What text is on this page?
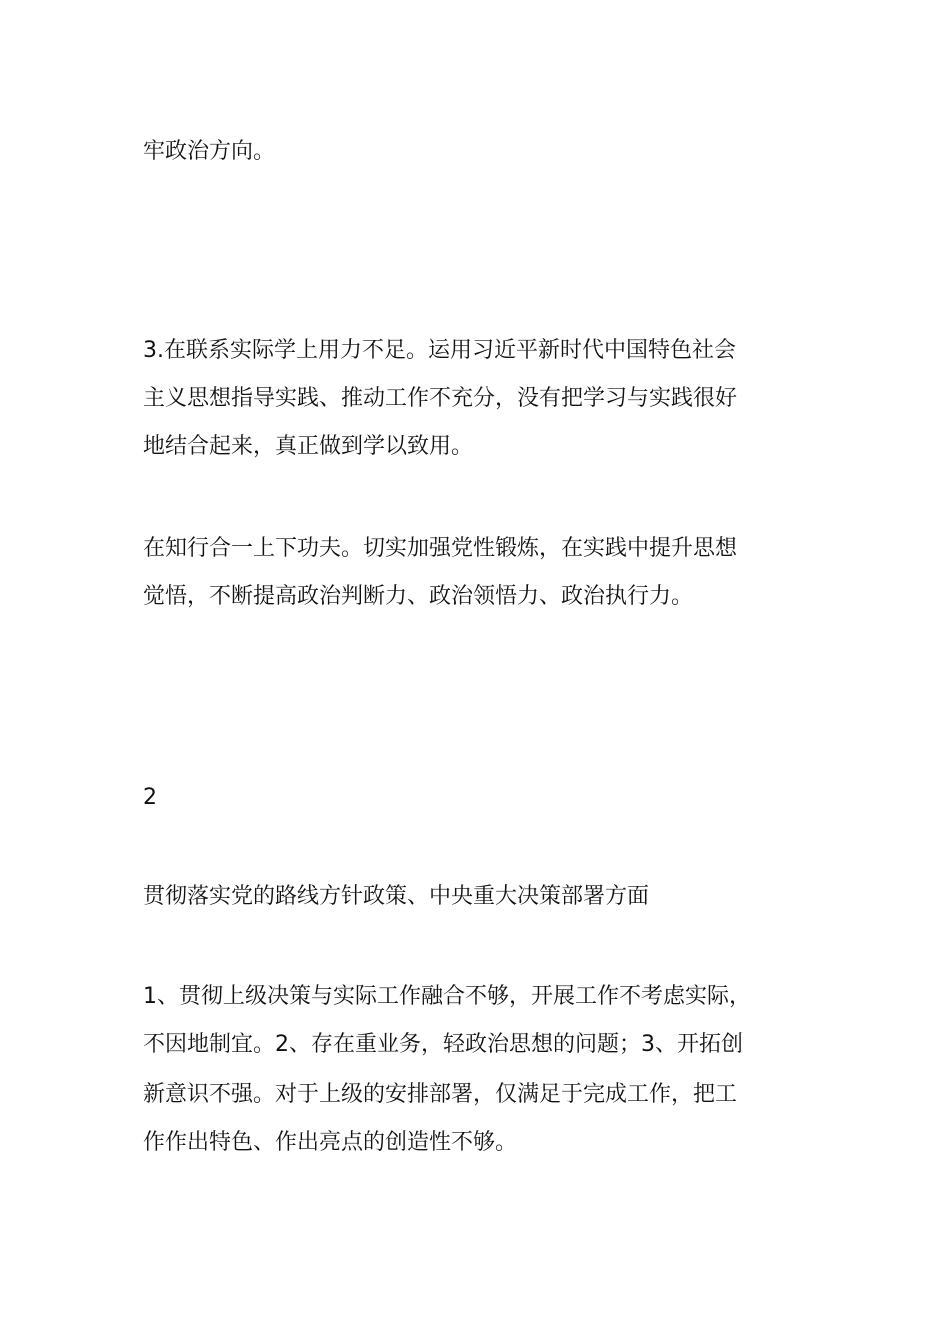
牢政治方向。
3.在联系实际学上用力不足。运用习近平新时代中国特色社会
主义思想指导实践、推动工作不充分，没有把学习与实践很好
地结合起来，真正做到学以致用。
在知行合一上下功夫。切实加强党性锻炼，在实践中提升思想
觉悟，不断提高政治判断力、政治领悟力、政治执行力。
2
贯彻落实党的路线方针政策、中央重大决策部署方面
1、贯彻上级决策与实际工作融合不够，开展工作不考虑实际，
不因地制宜。2、存在重业务，轻政治思想的问题；3、开拓创
新意识不强。对于上级的安排部署，仅满足于完成工作，把工
作作出特色、作出亮点的创造性不够。
